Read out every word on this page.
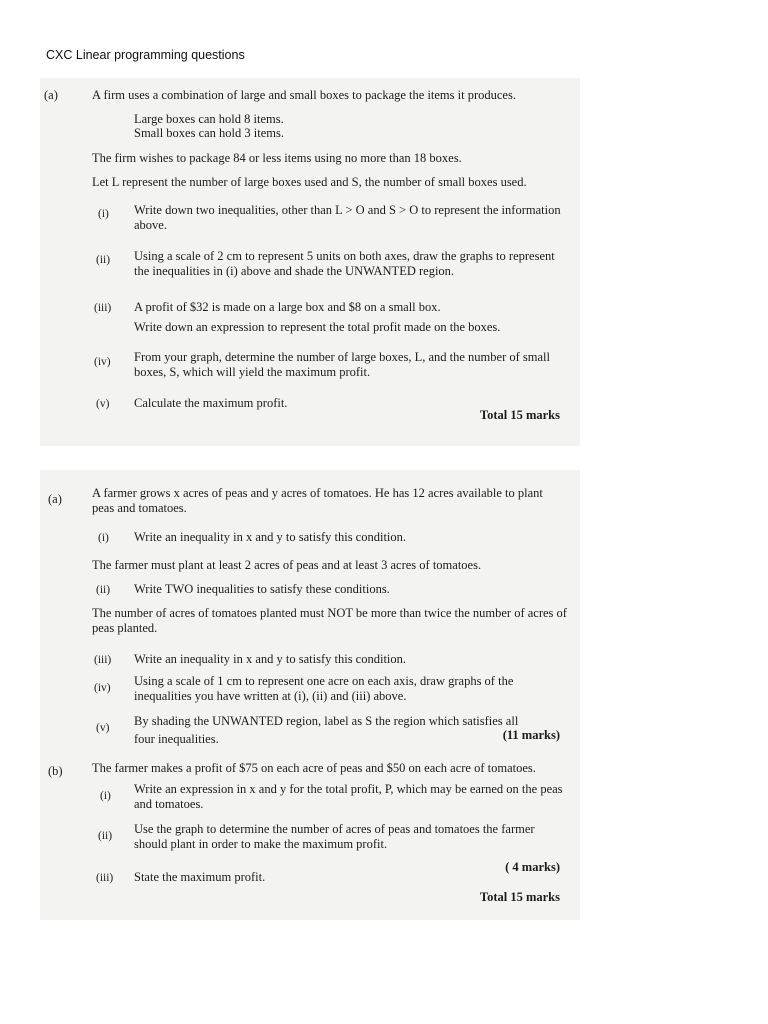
CXC Linear programming questions
(a)	A firm uses a combination of large and small boxes to package the items it produces.
Large boxes can hold 8 items.
Small boxes can hold 3 items.
The firm wishes to package 84 or less items using no more than 18 boxes.
Let L represent the number of large boxes used and S, the number of small boxes used.
(i) Write down two inequalities, other than L > O and S > O to represent the information above.
(ii) Using a scale of 2 cm to represent 5 units on both axes, draw the graphs to represent the inequalities in (i) above and shade the UNWANTED region.
(iii) A profit of $32 is made on a large box and $8 on a small box.
Write down an expression to represent the total profit made on the boxes.
(iv) From your graph, determine the number of large boxes, L, and the number of small boxes, S, which will yield the maximum profit.
(v) Calculate the maximum profit.
Total 15 marks
(a) A farmer grows x acres of peas and y acres of tomatoes. He has 12 acres available to plant peas and tomatoes.
(i) Write an inequality in x and y to satisfy this condition.
The farmer must plant at least 2 acres of peas and at least 3 acres of tomatoes.
(ii) Write TWO inequalities to satisfy these conditions.
The number of acres of tomatoes planted must NOT be more than twice the number of acres of peas planted.
(iii) Write an inequality in x and y to satisfy this condition.
(iv) Using a scale of 1 cm to represent one acre on each axis, draw graphs of the inequalities you have written at (i), (ii) and (iii) above.
(v) By shading the UNWANTED region, label as S the region which satisfies all
four inequalities.	(11 marks)
(b) The farmer makes a profit of $75 on each acre of peas and $50 on each acre of tomatoes.
(i) Write an expression in x and y for the total profit, P, which may be earned on the peas and tomatoes.
(ii) Use the graph to determine the number of acres of peas and tomatoes the farmer should plant in order to make the maximum profit.
(iii) State the maximum profit.
( 4 marks)
Total 15 marks
